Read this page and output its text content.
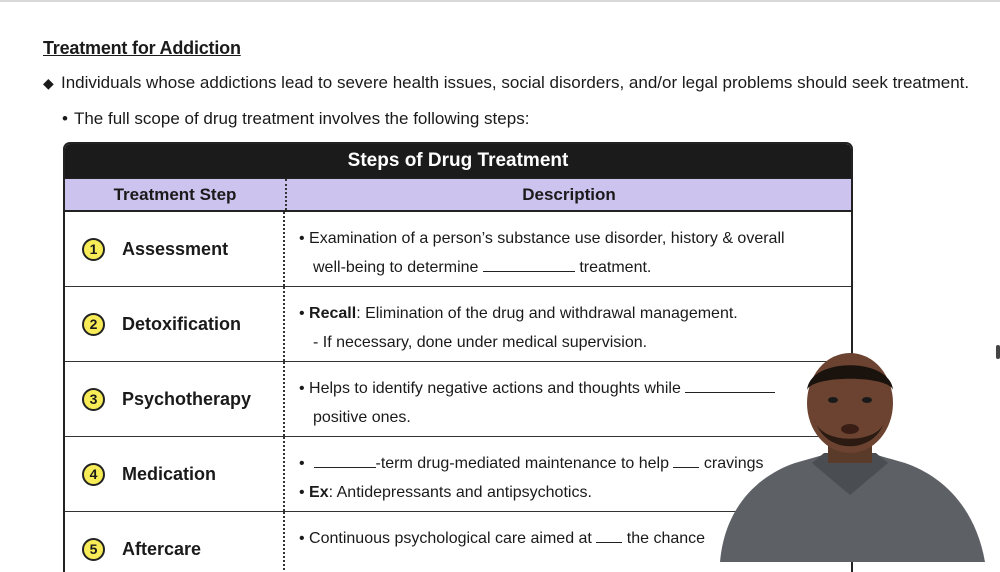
Treatment for Addiction
◆ Individuals whose addictions lead to severe health issues, social disorders, and/or legal problems should seek treatment.
• The full scope of drug treatment involves the following steps:
Steps of Drug Treatment
Treatment Step	Description
1	Assessment	• Examination of a person’s substance use disorder, history & overall
well-being to determine	treatment.
2	Detoxification	• Recall: Elimination of the drug and withdrawal management.
- If necessary, done under medical supervision.
3	Psychotherapy	• Helps to identify negative actions and thoughts while
positive ones.
4	Medication	•	-term drug-mediated maintenance to help cravings
• Ex: Antidepressants and antipsychotics.
5	Aftercare	• Continuous psychological care aimed at the chance
